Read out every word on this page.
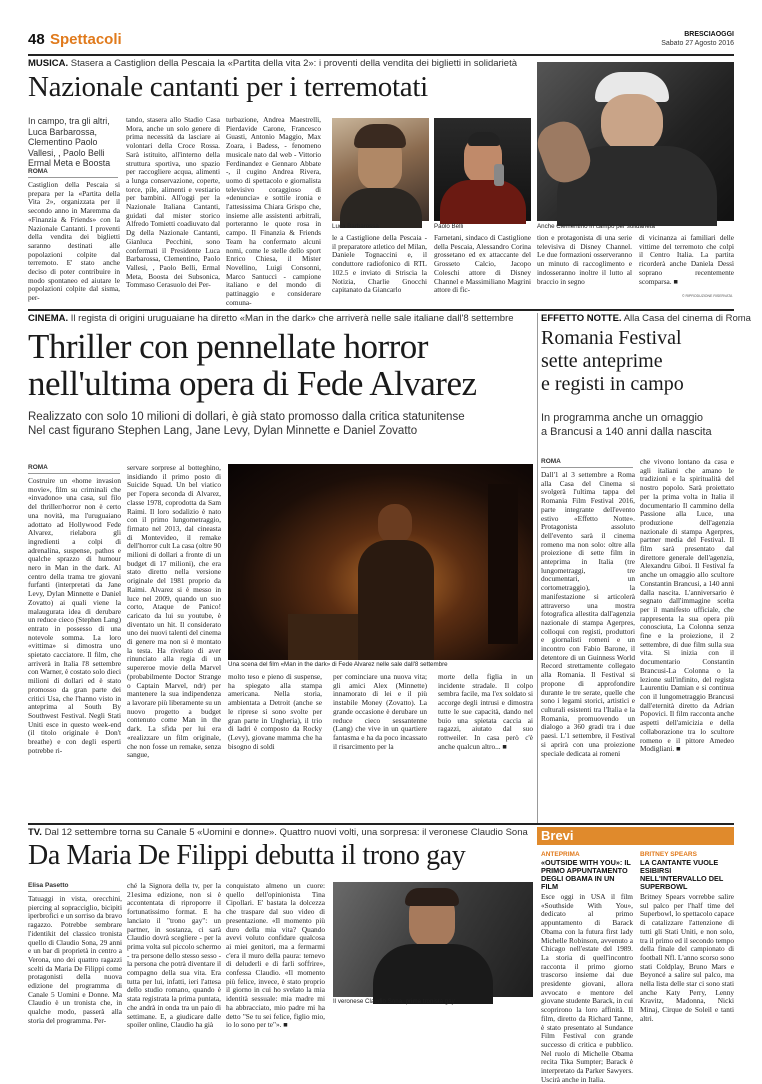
48 Spettacoli	BRESCIAOGGI
Sabato 27 Agosto 2016
MUSICA. Stasera a Castiglion della Pescaia la «Partita della vita 2»: i proventi della vendita dei biglietti in solidarietà
Nazionale cantanti per i terremotati
In campo, tra gli altri, Luca Barbarossa, Clementino Paolo Vallesi, , Paolo Belli Ermal Meta e Boosta
ROMA
Castiglion della Pescaia si prepara per la «Partita della Vita 2», organizzata per il secondo anno in Maremma da «Finanzia & Friends» con la Nazionale Cantanti. I proventi della vendita dei biglietti saranno destinati alle popolazioni colpite dal terremoto. E' stato anche deciso di poter contribuire in modo spontaneo ed aiutare le popolazioni colpite dal sisma, per-
tando, stasera allo Stadio Casa Mora, anche un solo genere di prima necessità da lasciare ai volontari della Croce Rossa. Sarà istituito, all'interno della struttura sportiva, uno spazio per raccogliere acqua, alimenti a lunga conservazione, coperte, torce, pile, alimenti e vestiario per bambini. All'oggi per la Nazionale Italiana Cantanti, guidati dal mister storico Alfredo Tomietti coadiuvato dal Dg della Nazionale Cantanti, Gianluca Pecchini, sono confermati il Presidente Luca Barbarossa, Clementino, Paolo Vallesi, , Paolo Belli, Ermal Meta, Boosta dei Subsonica, Tommaso Cerasuolo dei Per-
turbazione, Andrea Maestrelli, Pierdavide Carone, Francesco Guasti, Antonio Maggio, Max Zoara, i Badess, - fenomeno musicale nato dal web - Vittorio Ferdinandez e Gennaro Abbate -, il cugino Andrea Rivera, uomo di spettacolo e giornalista televisivo coraggioso di «denuncia» e sottile ironia e l'attesissima Chiara Grispo che, insieme alle assistenti arbitrali, porteranno le quote rosa in campo. Il Finanzia & Friends Team ha confermato alcuni nomi, come le stelle dello sport Enrico Chiesa, il Mister Novellino, Luigi Consonni, Marco Santucci - campione italiano e del mondo di pattinaggio e considerare comuna-
Luca Barbarossa	Paolo Belli	Anche Clementino in campo per solidarietà
le a Castiglione della Pescaia - il preparatore atletico del Milan, Daniele Tognaccini e, il conduttore radiofonico di RTL 102.5 e inviato di Striscia la Notizia, Charlie Gnocchi capitanato da Giancarlo
Farnetani, sindaco di Castiglione della Pescaia, Alessandro Corina grossetano ed ex attaccante del Grosseto Calcio, Jacopo Coleschi attore di Disney Channel e Massimiliano Magrini attore di fic-
tion e protagonista di una serie televisiva di Disney Channel. Le due formazioni osserveranno un minuto di raccoglimento e indosseranno inoltre il lutto al braccio in segno
di vicinanza ai familiari delle vittime del terremoto che colpì il Centro Italia. La partita ricorderà anche Daniela Dessì soprano recentemente scomparsa. ■
© RIPRODUZIONE RISERVATA
CINEMA. Il regista di origini uruguaiane ha diretto «Man in the dark» che arriverà nelle sale italiane dall'8 settembre
Thriller con pennellate horror
nell'ultima opera di Fede Alvarez
Realizzato con solo 10 milioni di dollari, è già stato promosso dalla critica statunitense
Nel cast figurano Stephen Lang, Jane Levy, Dylan Minnette e Daniel Zovatto
ROMA
Costruire un «home invasion movie», film su criminali che «invadono» una casa, sul filo del thriller/horror non è certo una novità, ma l'uruguaiano adottato ad Hollywood Fede Alvarez, rielabora gli ingredienti a colpi di adrenalina, suspense, pathos e qualche sprazzo di humour nero in Man in the dark. Al centro della trama tre giovani furfanti (interpretati da Jane Levy, Dylan Minnette e Daniel Zovatto) ai quali viene la malaugurata idea di derubare un reduce cieco (Stephen Lang) entrato in possesso di una notevole somma. La loro «vittima» si dimostra uno spietato cacciatore. Il film, che arriverà in Italia l'8 settembre con Warner, è costato solo dieci milioni di dollari ed è stato promosso da gran parte dei critici Usa, che l'hanno visto in anteprima al South By Southwest Festival. Negli Stati Uniti esce in questo week-end (il titolo originale è Don't breathe) e con degli esperti potrebbe ri-
servare sorprese al botteghino, insidiando il primo posto di Suicide Squad. Un bel viatico per l'opera seconda di Alvarez, classe 1978, coprodotta da Sam Raimi. Il loro sodalizio è nato con il primo lungometraggio, firmato nel 2013, dal cineasta di Montevideo, il remake dell'horror cult La casa (oltre 90 milioni di dollari a fronte di un budget di 17 milioni), che era stato diretto nella versione originale del 1981 proprio da Raimi. Alvarez si è messo in luce nel 2009, quando un suo corto, Ataque de Panico! caricato da lui su youtube, è diventato un hit. Il considerato uno dei nuovi talenti del cinema di genere ma non si è montato la testa. Ha rivelato di aver rinunciato alla regia di un supereroe movie della Marvel (probabilmente Doctor Strange o Captain Marvel, ndr) per mantenere la sua indipendenza a lavorare più liberamente su un nuovo progetto a budget contenuto come Man in the dark. La sfida per lui era «realizzare un film originale, che non fosse un remake, senza sangue,
Una scena del film «Man in the dark» di Fede Alvarez nelle sale dall'8 settembre
molto teso e pieno di suspense, ha spiegato alla stampa americana. Nella storia, ambientata a Detroit (anche se le riprese si sono svolte per gran parte in Ungheria), il trio di ladri è composto da Rocky (Levy), giovane mamma che ha bisogno di soldi
per cominciare una nuova vita; gli amici Alex (Minnette) innamorato di lei e il più instabile Money (Zovatto). La grande occasione è derubare un reduce cieco sessantenne (Lang) che vive in un quartiere fantasma e ha da poco incassato il risarcimento per la
morte della figlia in un incidente stradale. Il colpo sembra facile, ma l'ex soldato si accorge degli intrusi e dimostra tutte le sue capacità, dando nel buio una spietata caccia ai ragazzi, aiutato dal suo rottweiler. In casa però c'è anche qualcun altro... ■
EFFETTO NOTTE. Alla Casa del cinema di Roma
Romania Festival
sette anteprime
e registi in campo
In programma anche un omaggio
a Brancusi a 140 anni dalla nascita
ROMA
Dall'1 al 3 settembre a Roma alla Casa del Cinema si svolgerà l'ultima tappa del Romania Film Festival 2016, parte integrante dell'evento estivo «Effetto Notte». Protagonista assoluto dell'evento sarà il cinema romeno ma non solo: oltre alla proiezione di sette film in anteprima in Italia (tre lungometraggi, tre documentari, un cortometraggio), la manifestazione si articolerà attraverso una mostra fotografica allestita dall'agenzia nazionale di stampa Agerpres, colloqui con registi, produttori e giornalisti romeni e un incontro con Fabio Barone, il detentore di un Guinness World Record strettamente collegato alla Romania. Il Festival si propone di approfondire durante le tre serate, quelle che sono i legami storici, artistici e culturali esistenti tra l'Italia e la Romania, promuovendo un dialogo a 360 gradi tra i due paesi. L'1 settembre, il Festival si aprirà con una proiezione speciale dedicata ai romeni
che vivono lontano da casa e agli italiani che amano le tradizioni e la spiritualità del nostro popolo. Sarà proiettato per la prima volta in Italia il documentario Il cammino della Passione alla Luce, una produzione dell'agenzia nazionale di stampa Agerpres, partner media del Festival. Il film sarà presentato dal direttore generale dell'agenzia, Alexandru Giboi. Il Festival fa anche un omaggio allo scultore Constantin Brancusi, a 140 anni dalla nascita. L'anniversario è segnato dall'immagine scelta per il manifesto ufficiale, che rappresenta la sua opera più conosciuta, La Colonna senza fine e la proiezione, il 2 settembre, di due film sulla sua vita. Si inizia con il documentario Constantin Brancusi-La Colonna o la lezione sull'infinito, del regista Laurentiu Damian e si continua con il lungometraggio Brancusi dall'eternità diretto da Adrian Popovici. Il film racconta anche aspetti dell'amicizia e della collaborazione tra lo scultore romeno e il pittore Amedeo Modigliani. ■
TV. Dal 12 settembre torna su Canale 5 «Uomini e donne». Quattro nuovi volti, una sorpresa: il veronese Claudio Sona
Da Maria De Filippi debutta il trono gay
Elisa Pasetto
Tatuaggi in vista, orecchini, piercing al sopracciglio, bicipiti iperbrofici e un sorriso da bravo ragazzo. Potrebbe sembrare l'identikit del classico tronista quello di Claudio Sona, 29 anni e un bar di proprietà in centro a Verona, uno dei quattro ragazzi scelti da Maria De Filippi come protagonisti della nuova edizione del programma di Canale 5 Uomini e Donne. Ma Claudio è un tronista che, in qualche modo, passerà alla storia del programma. Per-
ché la Signora della tv, per la 21esima edizione, non si è accontentata di riproporre il fortunatissimo format. E ha lanciato il "trono gay": un partner, in sostanza, ci sarà Claudio dovrà scegliere - per la prima volta sul piccolo schermo - tra persone dello stesso sesso - la persona che potrà diventare il compagno della sua vita. Era tutta per lui, infatti, ieri l'attesa dello studio romano, quando è stata registrata la prima puntata, che andrà in onda tra un paio di settimane. E, a giudicare dalle spoiler online, Claudio ha già
conquistato almeno un cuore: quello dell'opinionista Tina Cipollari. E' bastata la dolcezza che traspare dal suo video di presentazione. «Il momento più duro della mia vita? Quando avevi voluto confidare qualcosa ai miei genitori, ma a fermarmi c'era il muro della paura: temevo di deluderli e di farli soffrire», confessa Claudio. «Il momento più felice, invece, è stato proprio il giorno in cui ho svelato la mia identità sessuale: mia madre mi ha abbracciato, mio padre mi ha detto "Se tu sei felice, figlio mio, io lo sono per te"». ■
Il veronese Claudio Sona, prima tronista gay
Brevi
ANTEPRIMA
«OUTSIDE WITH YOU»: IL PRIMO APPUNTAMENTO DEGLI OBAMA IN UN FILM
Esce oggi in USA il film «Southside With You», dedicato al primo appuntamento di Barack Obama con la futura first lady Michelle Robinson, avvenuto a Chicago nell'estate del 1989. La storia di quell'incontro racconta il primo giorno trascorso insieme dai due presidente giovani, allora avvocato e mentore del giovane studente Barack, in cui scoprirono la loro affinità. Il film, diretto da Richard Tanne, è stato presentato al Sundance Film Festival con grande successo di critica e pubblico. Nel ruolo di Michelle Obama recita Tika Sumpter; Barack è interpretato da Parker Sawyers. Uscirà anche in Italia.
BRITNEY SPEARS
LA CANTANTE VUOLE ESIBIRSI NELL'INTERVALLO DEL SUPERBOWL
Britney Spears vorrebbe salire sul palco per l'half time del Superbowl, lo spettacolo capace di catalizzare l'attenzione di tutti gli Stati Uniti, e non solo, tra il primo ed il secondo tempo della finale del campionato di football Nfl. L'anno scorso sono stati Coldplay, Bruno Mars e Beyoncé a salire sul palco, ma nella lista delle star ci sono stati anche Katy Perry, Lenny Kravitz, Madonna, Nicki Minaj, Cirque de Soleil e tanti altri.
